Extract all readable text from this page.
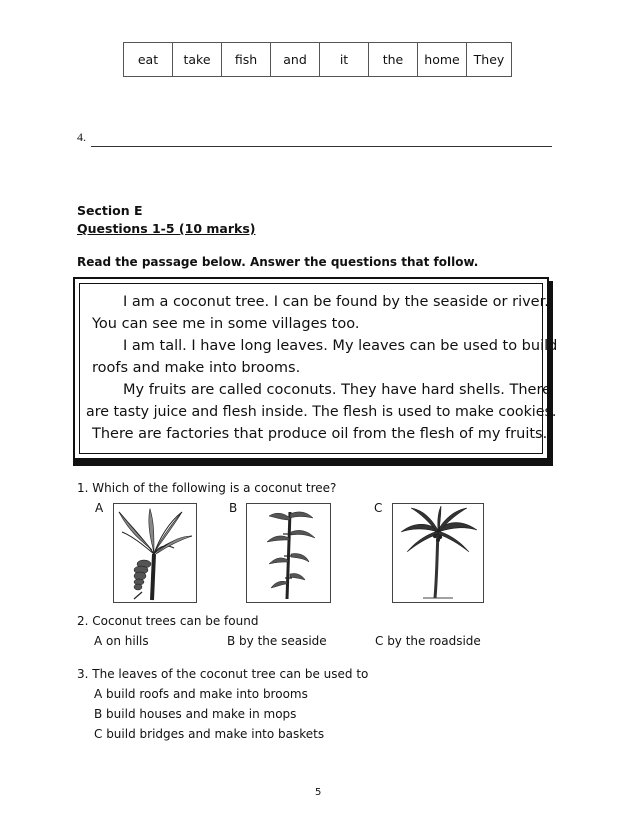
eat	take	fish	and	it	the	home	They
4.
Section E
Questions 1-5 (10 marks)
Read the passage below. Answer the questions that follow.
I am a coconut tree. I can be found by the seaside or river.
You can see me in some villages too.
I am tall. I have long leaves. My leaves can be used to build
roofs and make into brooms.
My fruits are called coconuts. They have hard shells. There
are tasty juice and flesh inside. The flesh is used to make cookies.
There are factories that produce oil from the flesh of my fruits.
1. Which of the following is a coconut tree?
A	B	C
2. Coconut trees can be found
A on hills	B by the seaside	C by the roadside
3. The leaves of the coconut tree can be used to
A build roofs and make into brooms
B build houses and make in mops
C build bridges and make into baskets
5
